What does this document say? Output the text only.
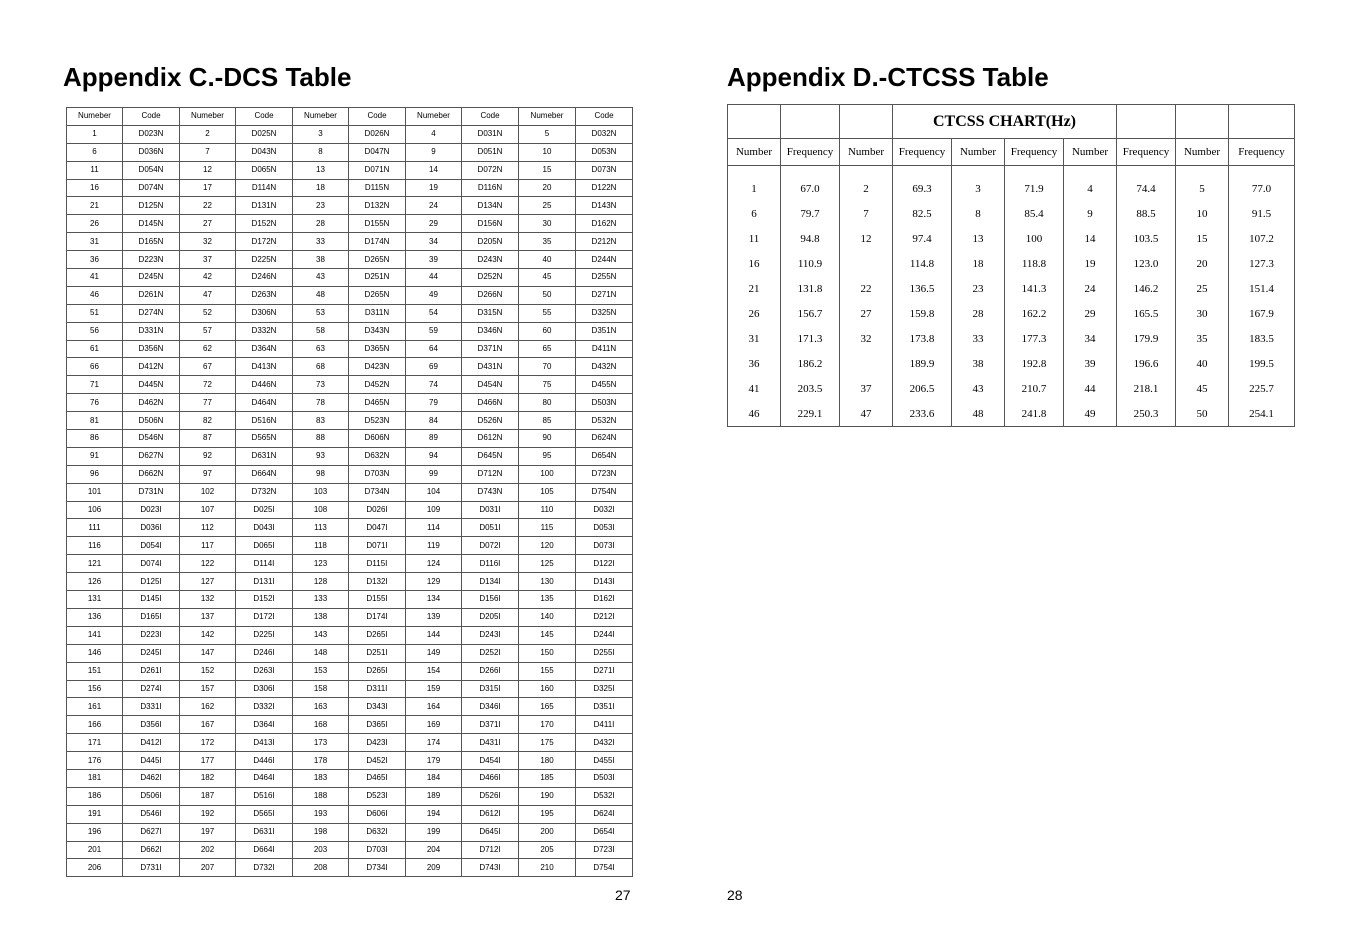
Appendix C.-DCS Table
Numeber	Code	Numeber	Code	Numeber	Code	Numeber	Code	Numeber	Code
1	D023N	2	D025N	3	D026N	4	D031N	5	D032N
6	D036N	7	D043N	8	D047N	9	D051N	10	D053N
11	D054N	12	D065N	13	D071N	14	D072N	15	D073N
16	D074N	17	D114N	18	D115N	19	D116N	20	D122N
21	D125N	22	D131N	23	D132N	24	D134N	25	D143N
26	D145N	27	D152N	28	D155N	29	D156N	30	D162N
31	D165N	32	D172N	33	D174N	34	D205N	35	D212N
36	D223N	37	D225N	38	D265N	39	D243N	40	D244N
41	D245N	42	D246N	43	D251N	44	D252N	45	D255N
46	D261N	47	D263N	48	D265N	49	D266N	50	D271N
51	D274N	52	D306N	53	D311N	54	D315N	55	D325N
56	D331N	57	D332N	58	D343N	59	D346N	60	D351N
61	D356N	62	D364N	63	D365N	64	D371N	65	D411N
66	D412N	67	D413N	68	D423N	69	D431N	70	D432N
71	D445N	72	D446N	73	D452N	74	D454N	75	D455N
76	D462N	77	D464N	78	D465N	79	D466N	80	D503N
81	D506N	82	D516N	83	D523N	84	D526N	85	D532N
86	D546N	87	D565N	88	D606N	89	D612N	90	D624N
91	D627N	92	D631N	93	D632N	94	D645N	95	D654N
96	D662N	97	D664N	98	D703N	99	D712N	100	D723N
101	D731N	102	D732N	103	D734N	104	D743N	105	D754N
106	D023I	107	D025I	108	D026I	109	D031I	110	D032I
111	D036I	112	D043I	113	D047I	114	D051I	115	D053I
116	D054I	117	D065I	118	D071I	119	D072I	120	D073I
121	D074I	122	D114I	123	D115I	124	D116I	125	D122I
126	D125I	127	D131I	128	D132I	129	D134I	130	D143I
131	D145I	132	D152I	133	D155I	134	D156I	135	D162I
136	D165I	137	D172I	138	D174I	139	D205I	140	D212I
141	D223I	142	D225I	143	D265I	144	D243I	145	D244I
146	D245I	147	D246I	148	D251I	149	D252I	150	D255I
151	D261I	152	D263I	153	D265I	154	D266I	155	D271I
156	D274I	157	D306I	158	D311I	159	D315I	160	D325I
161	D331I	162	D332I	163	D343I	164	D346I	165	D351I
166	D356I	167	D364I	168	D365I	169	D371I	170	D411I
171	D412I	172	D413I	173	D423I	174	D431I	175	D432I
176	D445I	177	D446I	178	D452I	179	D454I	180	D455I
181	D462I	182	D464I	183	D465I	184	D466I	185	D503I
186	D506I	187	D516I	188	D523I	189	D526I	190	D532I
191	D546I	192	D565I	193	D606I	194	D612I	195	D624I
196	D627I	197	D631I	198	D632I	199	D645I	200	D654I
201	D662I	202	D664I	203	D703I	204	D712I	205	D723I
206	D731I	207	D732I	208	D734I	209	D743I	210	D754I
27
Appendix D.-CTCSS Table
			CTCSS CHART(Hz)						
Number	Frequency	Number	Frequency	Number	Frequency	Number	Frequency	Number	Frequency

1	67.0	2	69.3	3	71.9	4	74.4	5	77.0
6	79.7	7	82.5	8	85.4	9	88.5	10	91.5
11	94.8	12	97.4	13	100	14	103.5	15	107.2
16	110.9		114.8	18	118.8	19	123.0	20	127.3
21	131.8	22	136.5	23	141.3	24	146.2	25	151.4
26	156.7	27	159.8	28	162.2	29	165.5	30	167.9
31	171.3	32	173.8	33	177.3	34	179.9	35	183.5
36	186.2		189.9	38	192.8	39	196.6	40	199.5
41	203.5	37	206.5	43	210.7	44	218.1	45	225.7
46	229.1	47	233.6	48	241.8	49	250.3	50	254.1
28
